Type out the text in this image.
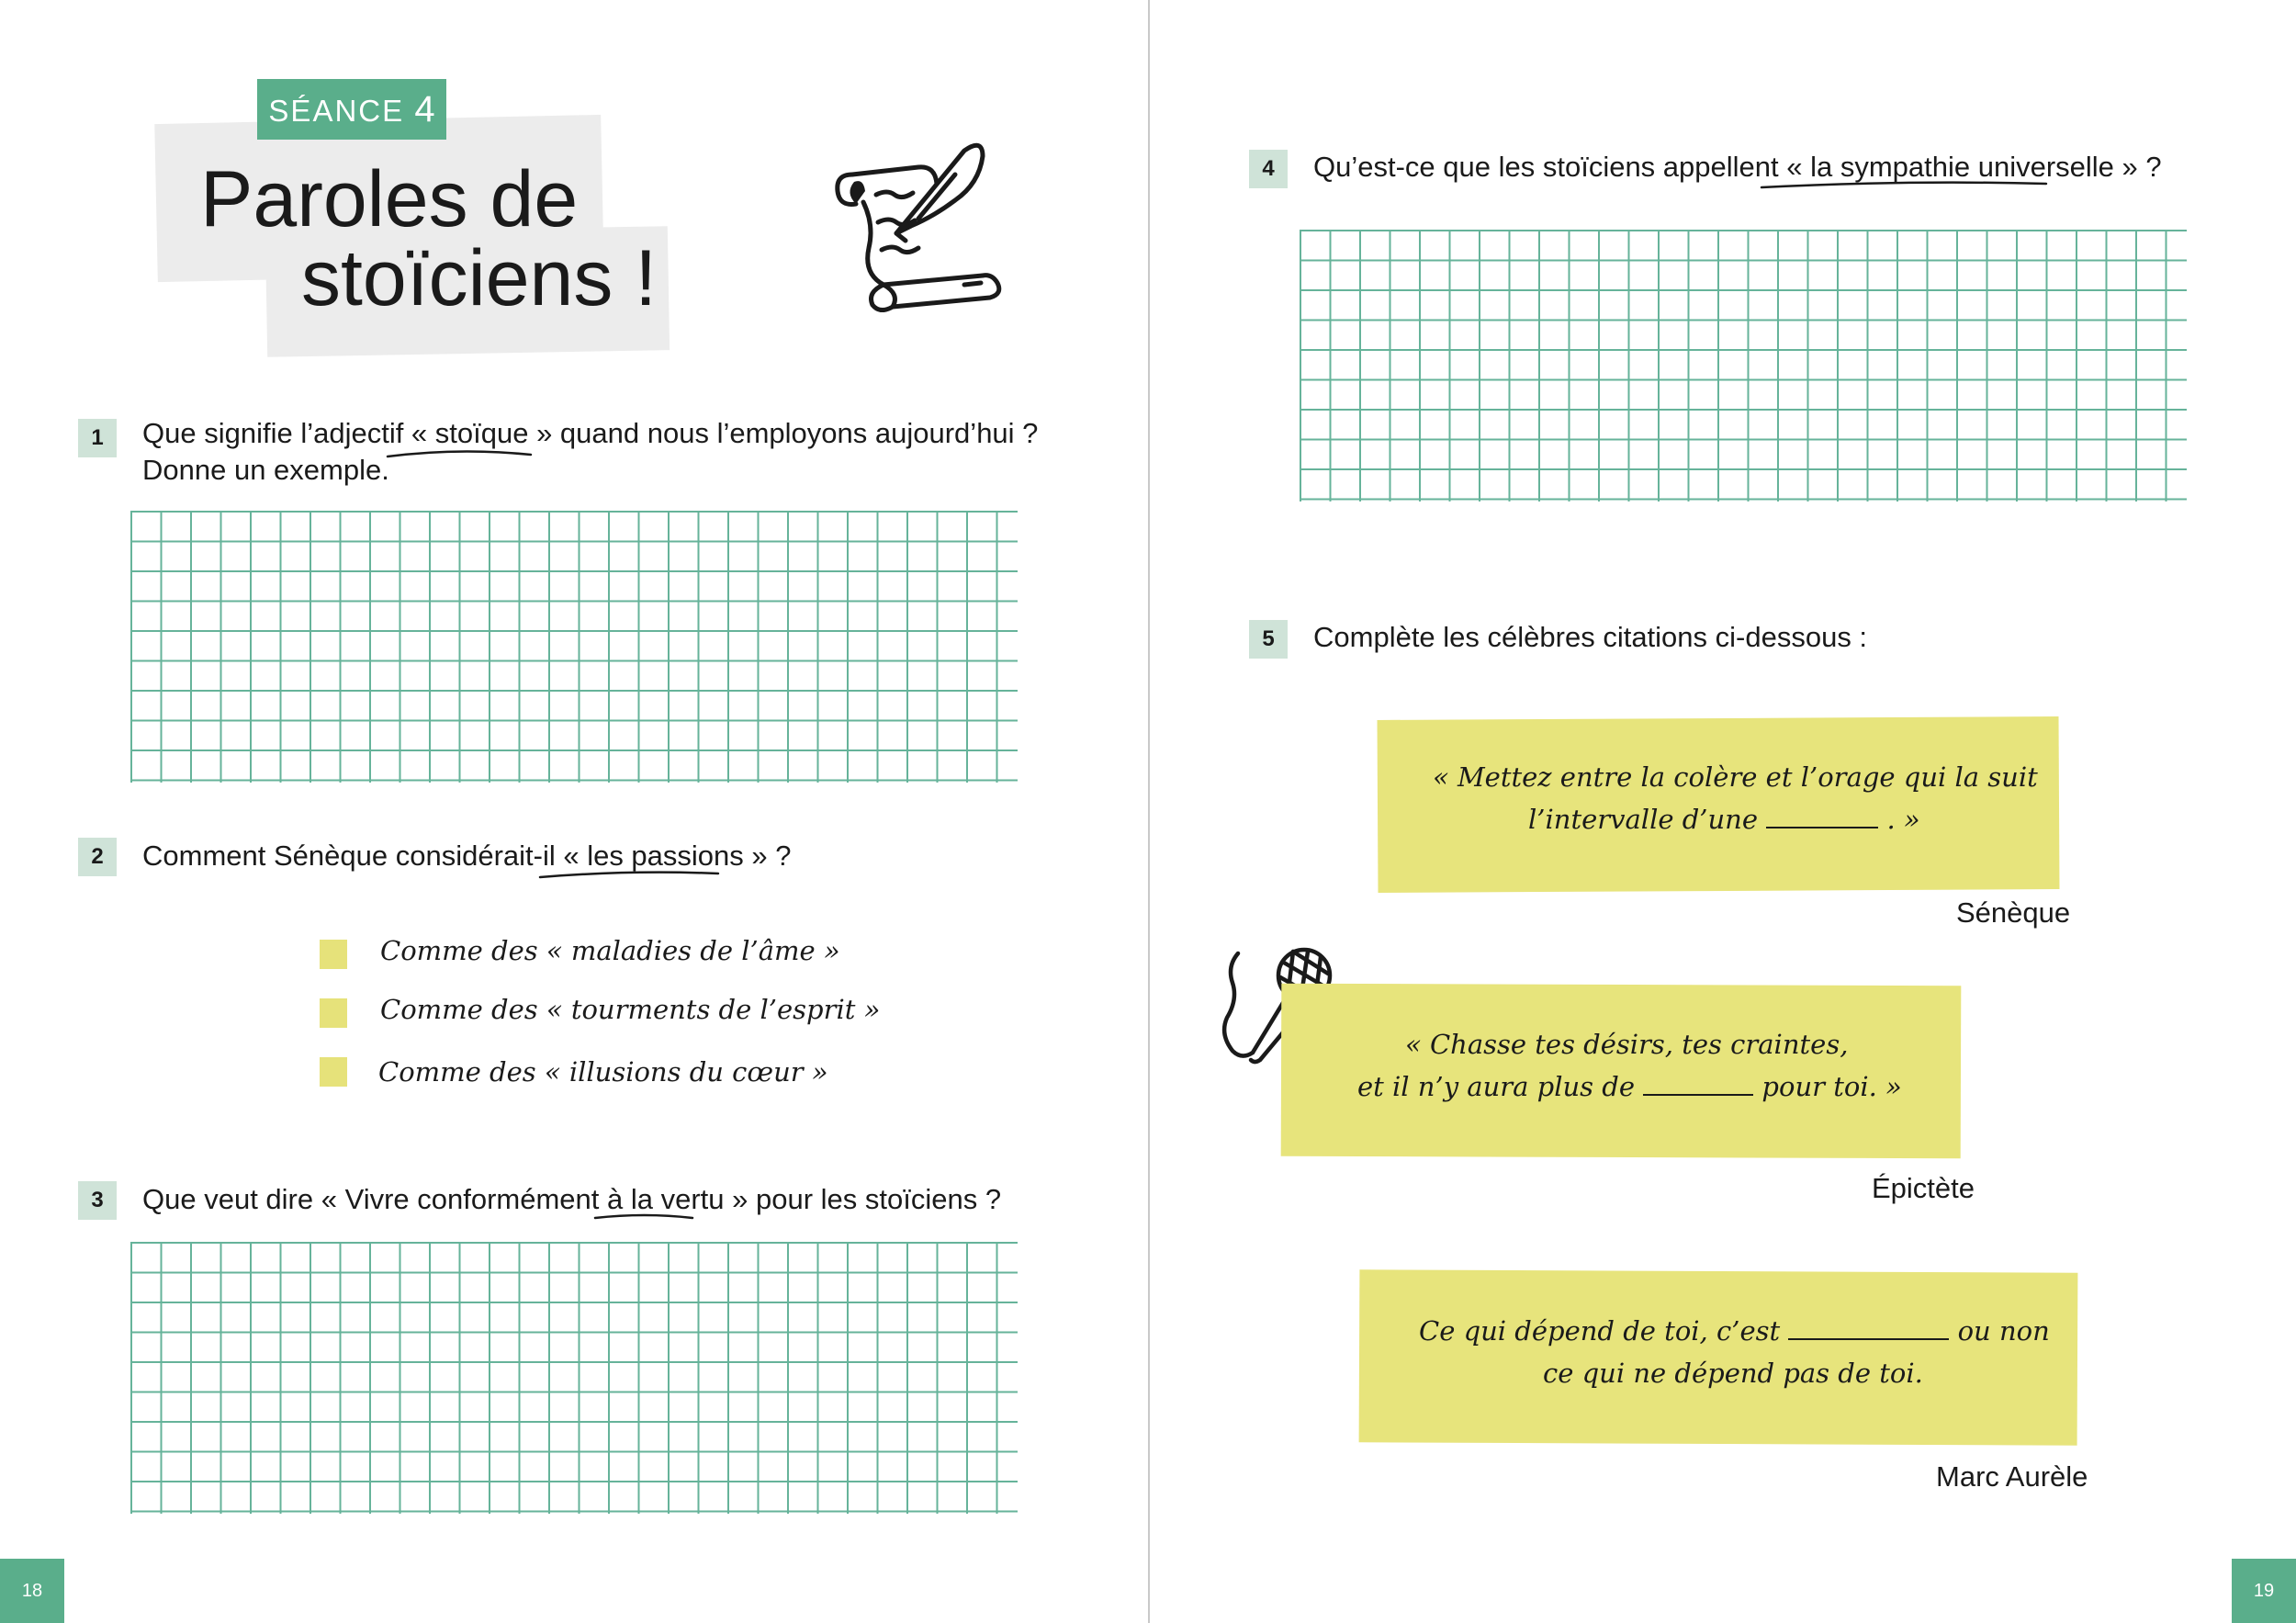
SÉANCE 4
Paroles de
stoïciens !
1	Que signifie l’adjectif « stoïque » quand nous l’employons aujourd’hui ?
Donne un exemple.
2	Comment Sénèque considérait-il « les passions » ?
Comme des « maladies de l’âme »
Comme des « tourments de l’esprit »
Comme des « illusions du cœur »
3	Que veut dire « Vivre conformément à la vertu » pour les stoïciens ?
18
4	Qu’est-ce que les stoïciens appellent « la sympathie universelle » ?
5	Complète les célèbres citations ci-dessous :
« Mettez entre la colère et l’orage qui la suit
l’intervalle d’une	. »
Sénèque
« Chasse tes désirs, tes craintes,
et il n’y aura plus de	pour toi. »
Épictète
Ce qui dépend de toi, c’est	ou non
ce qui ne dépend pas de toi.
Marc Aurèle
19
